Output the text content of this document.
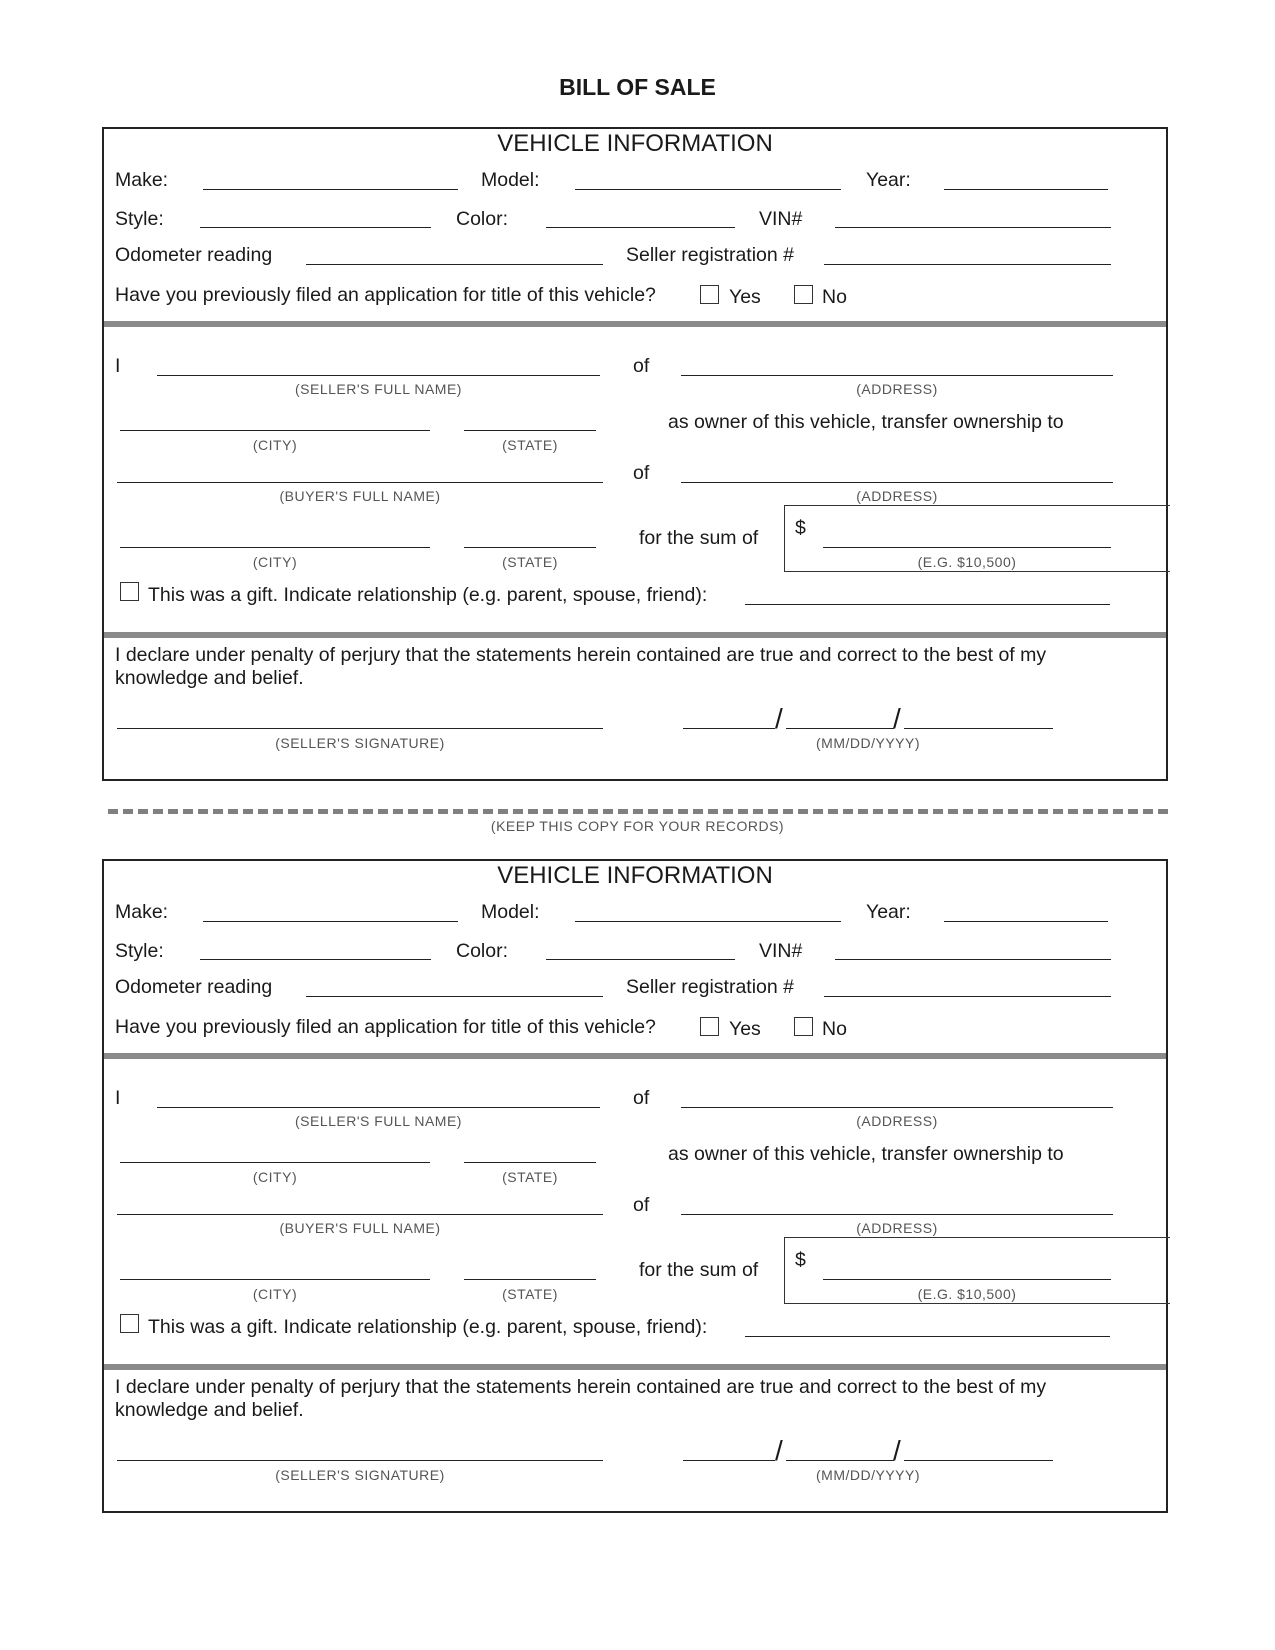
BILL OF SALE
VEHICLE INFORMATION
Make:	Model:	Year:
Style:	Color:	VIN#
Odometer reading	Seller registration #
Have you previously filed an application for title of this vehicle?	Yes	No
I
(SELLER'S FULL NAME)
of
(ADDRESS)
(CITY)	(STATE)
as owner of this vehicle, transfer ownership to
(BUYER'S FULL NAME)
of
(ADDRESS)
(CITY)	(STATE)
for the sum of $
(E.G. $10,500)
This was a gift. Indicate relationship (e.g. parent, spouse, friend):
I declare under penalty of perjury that the statements herein contained are true and correct to the best of my
knowledge and belief.
(SELLER'S SIGNATURE)
/	/
(MM/DD/YYYY)
(KEEP THIS COPY FOR YOUR RECORDS)
VEHICLE INFORMATION
Make:	Model:	Year:
Style:	Color:	VIN#
Odometer reading	Seller registration #
Have you previously filed an application for title of this vehicle?	Yes	No
I
(SELLER'S FULL NAME)
of
(ADDRESS)
(CITY)	(STATE)
as owner of this vehicle, transfer ownership to
(BUYER'S FULL NAME)
of
(ADDRESS)
(CITY)	(STATE)
for the sum of $
(E.G. $10,500)
This was a gift. Indicate relationship (e.g. parent, spouse, friend):
I declare under penalty of perjury that the statements herein contained are true and correct to the best of my
knowledge and belief.
(SELLER'S SIGNATURE)
/	/
(MM/DD/YYYY)
